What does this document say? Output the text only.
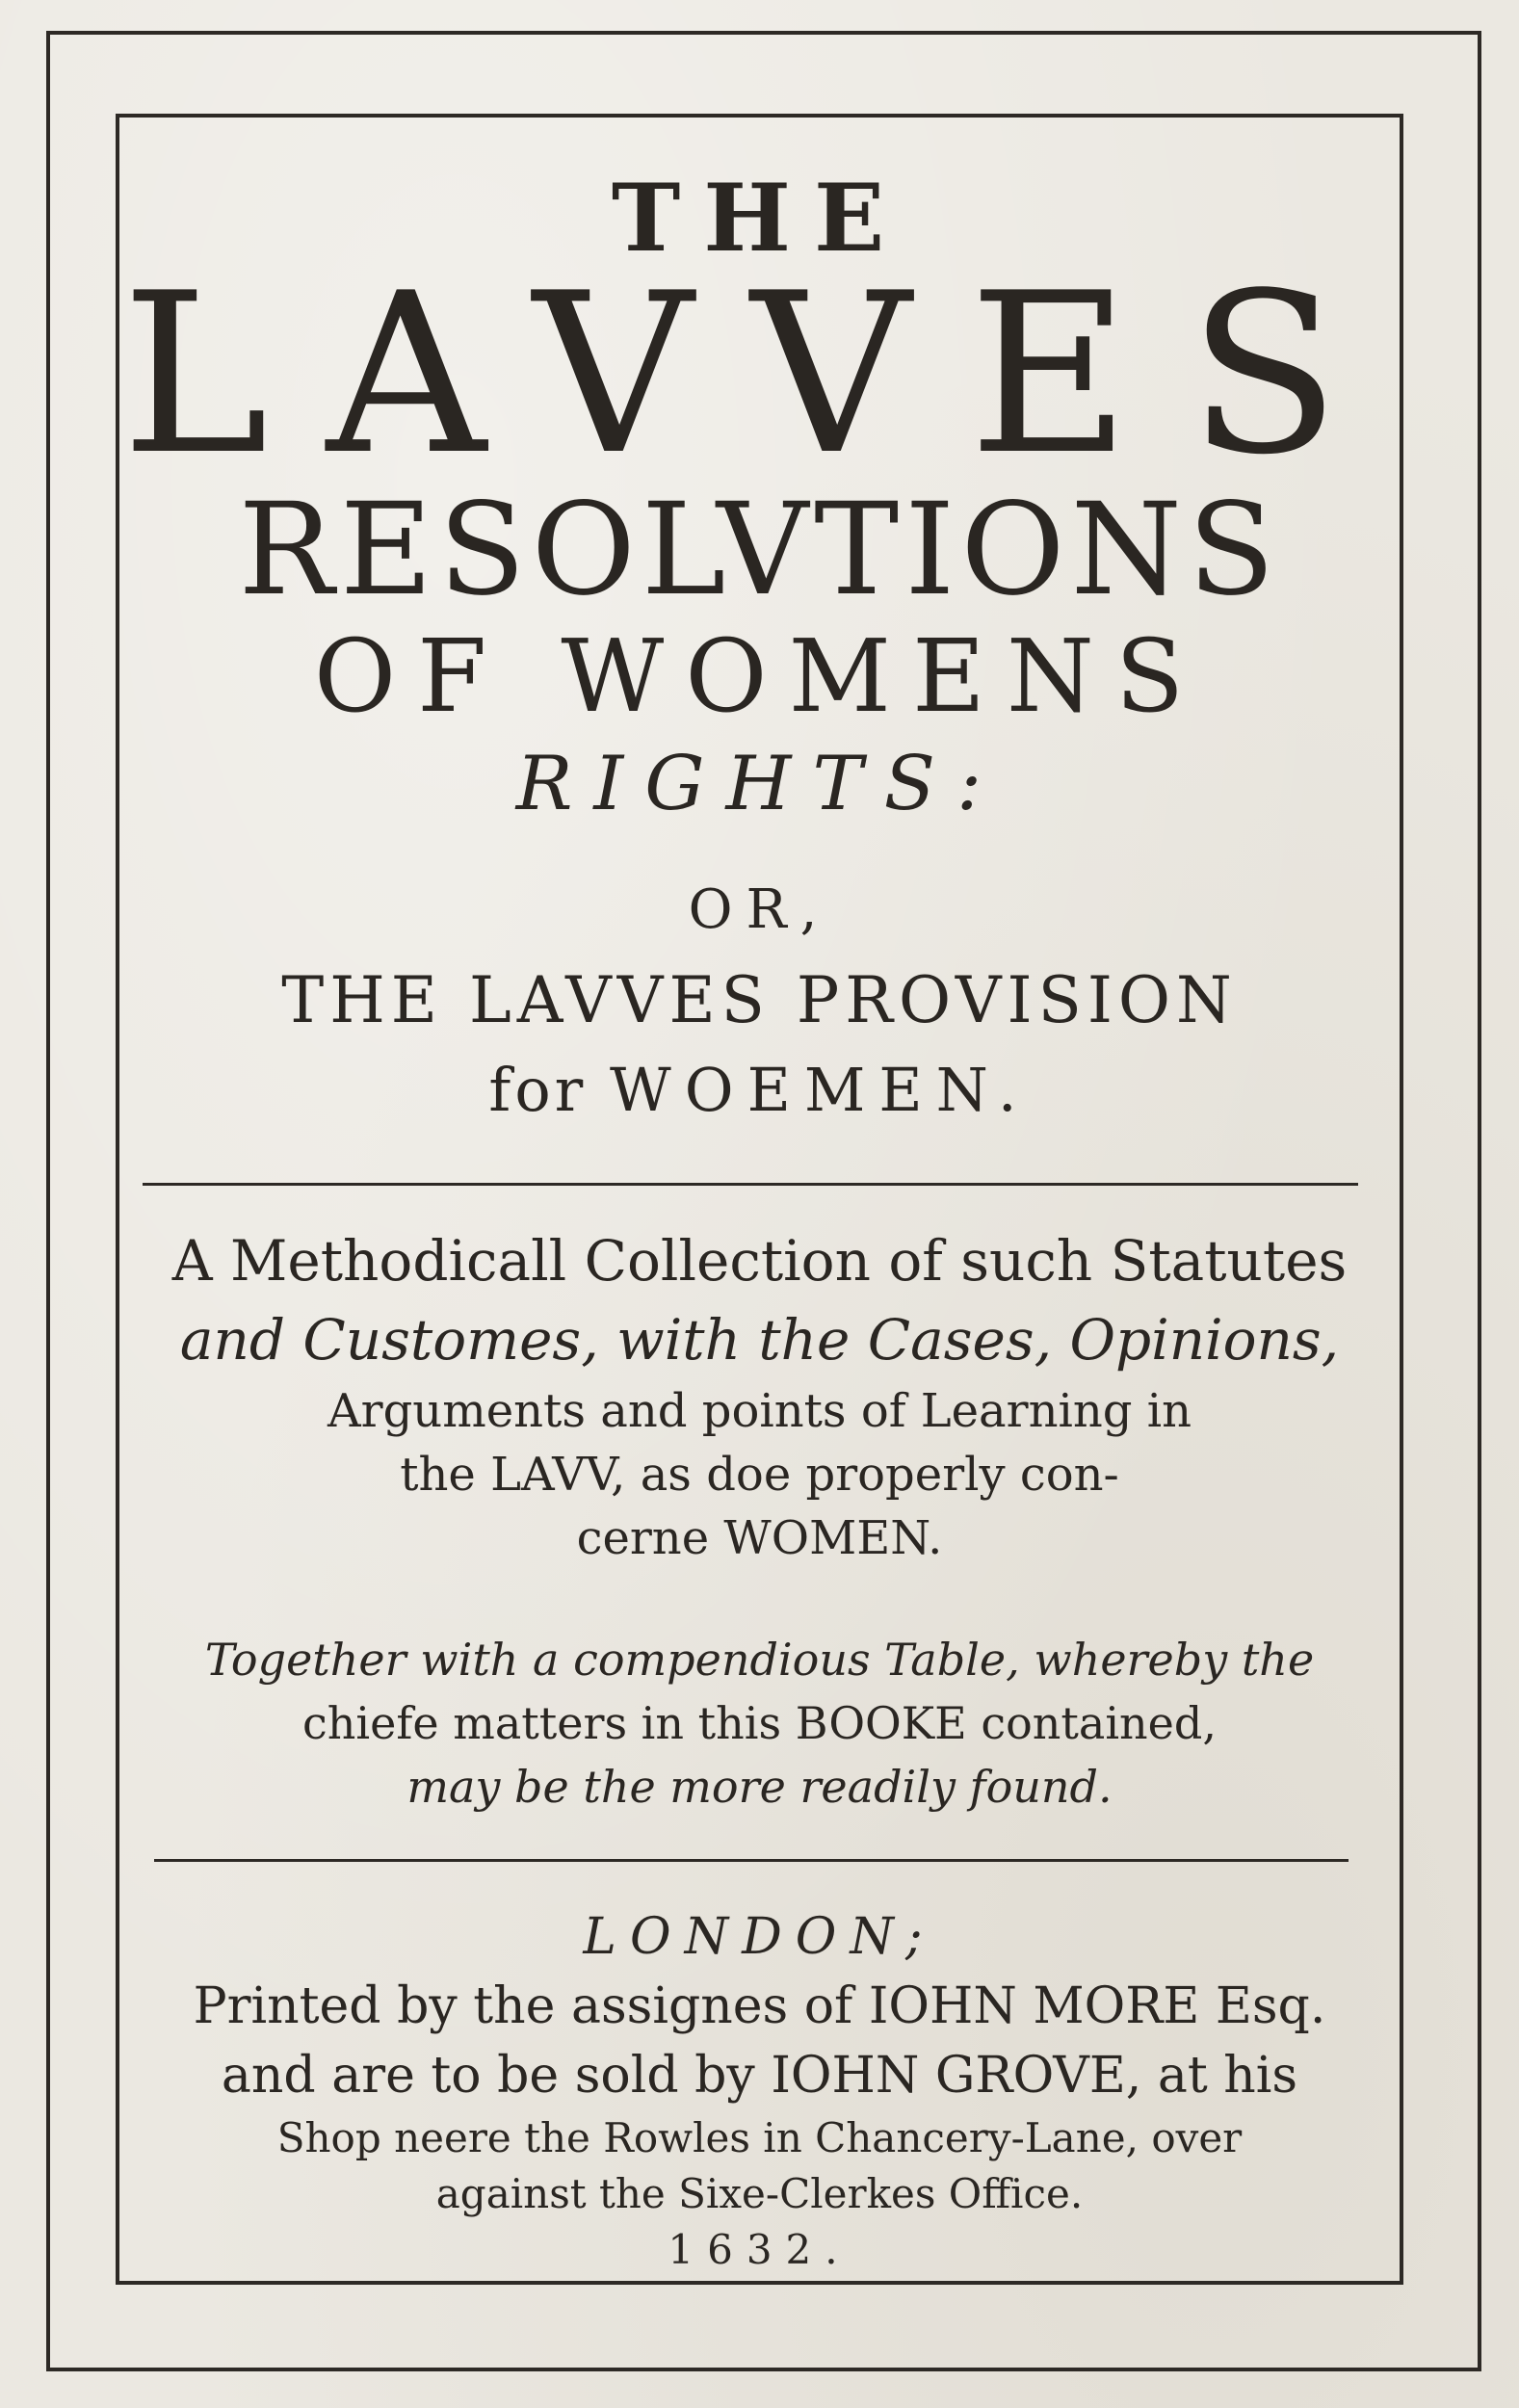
THE
LAVVES
RESOLVTIONS
OF WOMENS
RIGHTS:
OR,
THE LAVVES PROVISION
for WOEMEN.
A Methodicall Collection of such Statutes
and Customes, with the Cases, Opinions,
Arguments and points of Learning in
the LAVV, as doe properly con-
cerne WOMEN.
Together with a compendious Table, whereby the
chiefe matters in this BOOKE contained,
may be the more readily found.
LONDON;
Printed by the assignes of IOHN MORE Esq.
and are to be sold by IOHN GROVE, at his
Shop neere the Rowles in Chancery-Lane, over
against the Sixe-Clerkes Office.
1632.
